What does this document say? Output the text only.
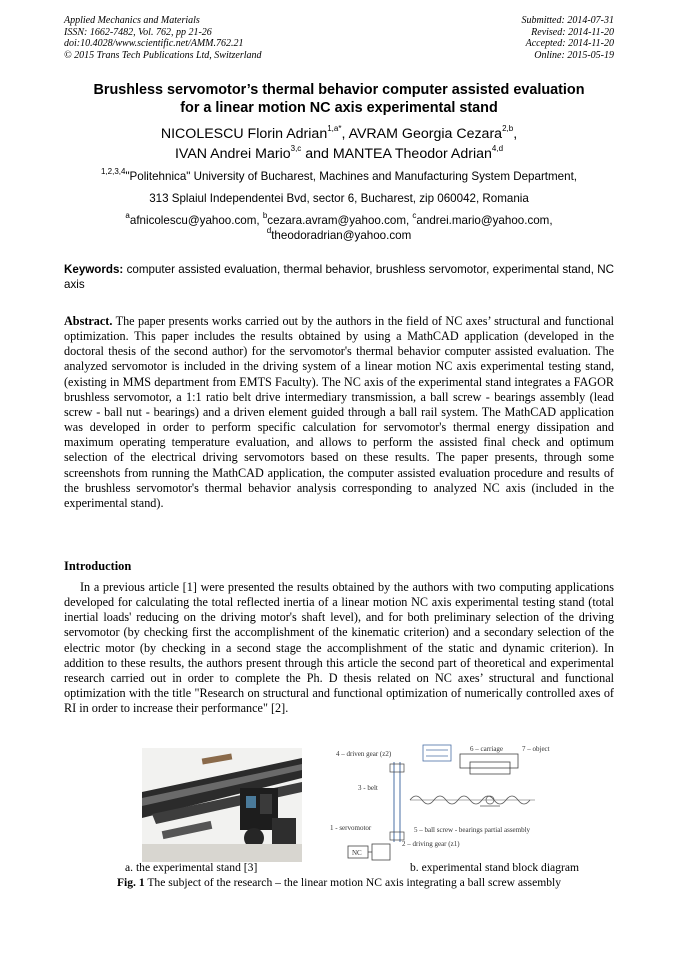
Applied Mechanics and Materials
ISSN: 1662-7482, Vol. 762, pp 21-26
doi:10.4028/www.scientific.net/AMM.762.21
© 2015 Trans Tech Publications Ltd, Switzerland
Submitted: 2014-07-31
Revised: 2014-11-20
Accepted: 2014-11-20
Online: 2015-05-19
Brushless servomotor’s thermal behavior computer assisted evaluation
for a linear motion NC axis experimental stand
NICOLESCU Florin Adrian$^{1,a*}$, AVRAM Georgia Cezara$^{2,b}$,
IVAN Andrei Mario$^{3,c}$ and MANTEA Theodor Adrian$^{4,d}$
$^{1,2,3,4}$"Politehnica" University of Bucharest, Machines and Manufacturing System Department,
313 Splaiul Independentei Bvd, sector 6, Bucharest, zip 060042, Romania
$^a$afnicolescu@yahoo.com, $^b$cezara.avram@yahoo.com, $^c$andrei.mario@yahoo.com,
$^d$theodoradrian@yahoo.com
Keywords: computer assisted evaluation, thermal behavior, brushless servomotor, experimental stand, NC axis
Abstract. The paper presents works carried out by the authors in the field of NC axes’ structural and functional optimization. This paper includes the results obtained by using a MathCAD application (developed in the doctoral thesis of the second author) for the servomotor's thermal behavior computer assisted evaluation. The analyzed servomotor is included in the driving system of a linear motion NC axis experimental testing stand, (existing in MMS department from EMTS Faculty). The NC axis of the experimental stand integrates a FAGOR brushless servomotor, a 1:1 ratio belt drive intermediary transmission, a ball screw - bearings assembly (lead screw - ball nut - bearings) and a driven element guided through a ball rail system. The MathCAD application was developed in order to perform specific calculation for servomotor's thermal energy dissipation and maximum operating temperature evaluation, and allows to perform the assisted final check and optimum selection of the electrical driving servomotors based on these results. The paper presents, through some screenshots from running the MathCAD application, the computer assisted evaluation procedure and results of the brushless servomotor's thermal behavior analysis corresponding to analyzed NC axis (included in the experimental stand).
Introduction
In a previous article [1] were presented the results obtained by the authors with two computing applications developed for calculating the total reflected inertia of a linear motion NC axis experimental testing stand (total inertial loads' reducing on the driving motor's shaft level), and for both preliminary selection of the driving servomotor (by checking first the accomplishment of the kinematic criterion) and a secondary selection of the electric motor (by checking in a second stage the accomplishment of the static and dynamic criterion). In addition to these results, the authors present through this article the second part of theoretical and experimental research carried out in order to complete the Ph. D thesis related on NC axes’ structural and functional optimization with the title "Research on structural and functional optimization of numerically controlled axes of RI in order to increase their performance" [2].
4 – driven gear (z2)
6 – carriage	7 – object
3 - belt
1 - servomotor
2 – driving gear (z1)
5 – ball screw - bearings partial assembly
NC
a. the experimental stand [3]	b. experimental stand block diagram
Fig. 1 The subject of the research – the linear motion NC axis integrating a ball screw assembly
